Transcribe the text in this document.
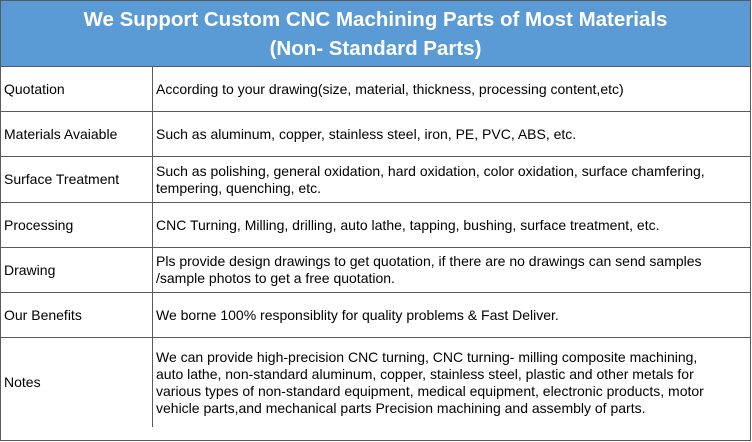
We Support Custom CNC Machining Parts of Most Materials
(Non- Standard Parts)
Quotation	According to your drawing(size, material, thickness, processing content,etc)
Materials Avaiable	Such as aluminum, copper, stainless steel, iron, PE, PVC, ABS, etc.
Surface Treatment	Such as polishing, general oxidation, hard oxidation, color oxidation, surface chamfering,
tempering, quenching, etc.
Processing	CNC Turning, Milling, drilling, auto lathe, tapping, bushing, surface treatment, etc.
Drawing	Pls provide design drawings to get quotation, if there are no drawings can send samples
/sample photos to get a free quotation.
Our Benefits	We borne 100% responsiblity for quality problems & Fast Deliver.
Notes	We can provide high-precision CNC turning, CNC turning- milling composite machining,
auto lathe, non-standard aluminum, copper, stainless steel, plastic and other metals for
various types of non-standard equipment, medical equipment, electronic products, motor
vehicle parts,and mechanical parts Precision machining and assembly of parts.
